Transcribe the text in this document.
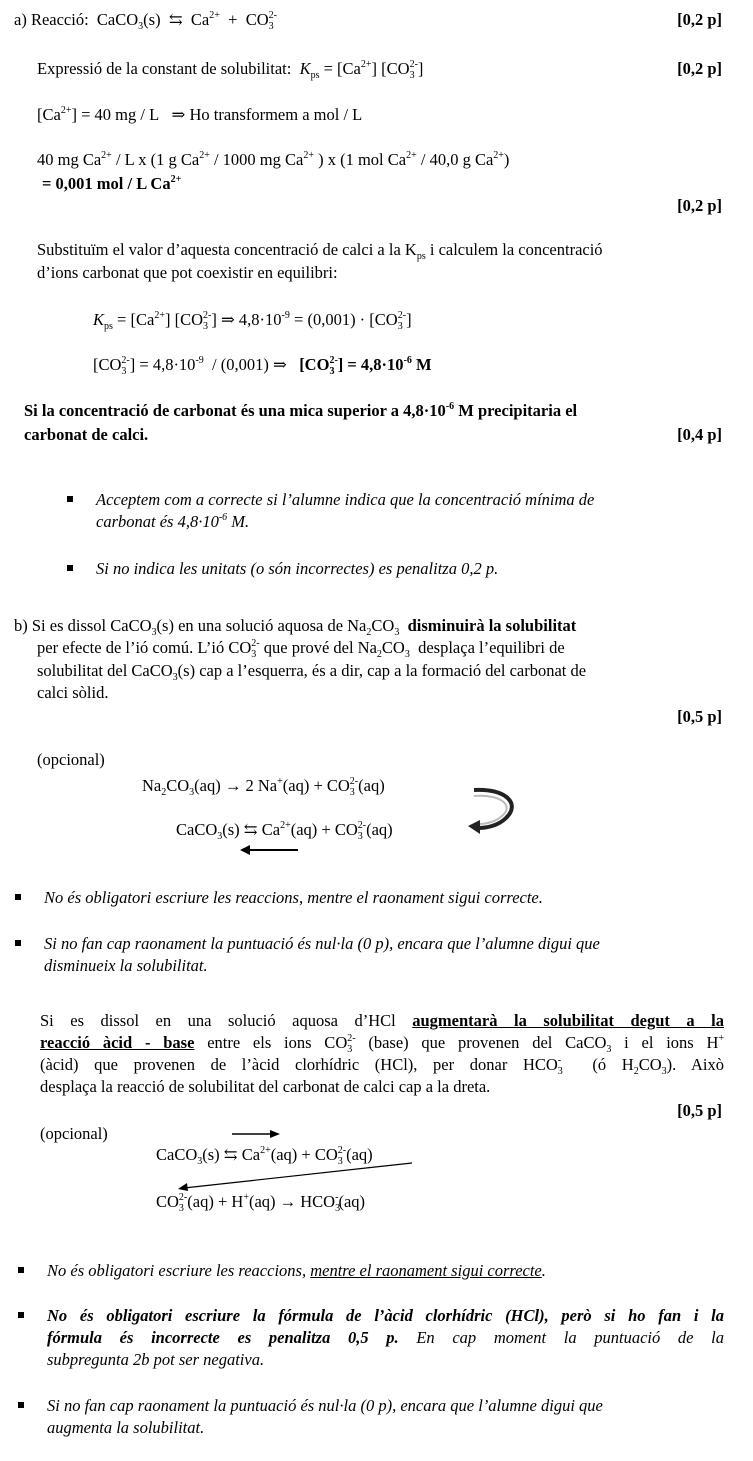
a) Reacció: CaCO$_3$(s) ⇆ $Ca^{2+} + CO_3^{2-}$	[0,2 p]
Expressió de la constant de solubilitat: $K_{ps} = [Ca^{2+}]$ $[CO_3^{2-}]$	[0,2 p]
$[Ca^{2+}] = 40$ mg / L ⇒ Ho transformem a mol / L
40 mg $Ca^{2+}$ / L x (1 g $Ca^{2+} / 1000$ mg $Ca^{2+}$ ) x (1 mol $Ca^{2+} / 40,0$ g $Ca^{2+}$)
= 0,001 mol / L $Ca^{2+}$
[0,2 p]
Substituïm el valor d’aquesta concentració de calci a la $K_{ps}$ i calculem la concentració
d’ions carbonat que pot coexistir en equilibri:
$K_{ps} = [Ca^{2+}]$ $[CO_3^{2-}]$ ⇒ $4,8\cdot 10^{-9} = (0,001) \cdot [CO_3^{2-}]$
$[CO_3^{2-}] = 4,8\cdot 10^{-9} / (0,001)$ ⇒ $[CO_3^{2-}] = 4,8\cdot 10^{-6}$ M
Si la concentració de carbonat és una mica superior a $4,8\cdot 10^{-6}$ M precipitaria el
carbonat de calci.	[0,4 p]
Acceptem com a correcte si l’alumne indica que la concentració mínima de
carbonat és $4,8\cdot 10^{-6}$ M.
Si no indica les unitats (o són incorrectes) es penalitza 0,2 p.
b) Si es dissol CaCO$_3$(s) en una solució aquosa de $Na_2CO_3$ disminuirà la solubilitat
per efecte de l’ió comú. L’ió $CO_3^{2-}$ que prové del $Na_2CO_3$ desplaça l’equilibri de
solubilitat del CaCO$_3$(s) cap a l’esquerra, és a dir, cap a la formació del carbonat de
calci sòlid.
[0,5 p]
(opcional)
$Na_2CO_3(aq) \to 2$ $Na^+(aq) + CO_3^{2-}(aq)$
CaCO$_3$(s) ⇆ $Ca^{2+}(aq) + CO_3^{2-}(aq)$
No és obligatori escriure les reaccions, mentre el raonament sigui correcte.
Si no fan cap raonament la puntuació és nul·la (0 p), encara que l’alumne digui que
disminueix la solubilitat.
Si es dissol en una solució aquosa d’HCl augmentarà la solubilitat degut a la
reacció àcid - base entre els ions $CO_3^{2-}$ (base) que provenen del CaCO$_3$ i el ions H+
(àcid) que provenen de l’àcid clorhídric (HCl), per donar $HCO_3^-$ (ó $H_2CO_3$). Això
desplaça la reacció de solubilitat del carbonat de calci cap a la dreta.
[0,5 p]
(opcional)
CaCO$_3$(s) ⇆ $Ca^{2+}(aq) + CO_3^{2-}(aq)$
$CO_3^{2-}(aq) + H^+(aq) \to HCO_3^-(aq)$
No és obligatori escriure les reaccions, mentre el raonament sigui correcte.
No és obligatori escriure la fórmula de l’àcid clorhídric (HCl), però si ho fan i la
fórmula és incorrecte es penalitza 0,5 p. En cap moment la puntuació de la
subpregunta 2b pot ser negativa.
Si no fan cap raonament la puntuació és nul·la (0 p), encara que l’alumne digui que
augmenta la solubilitat.
